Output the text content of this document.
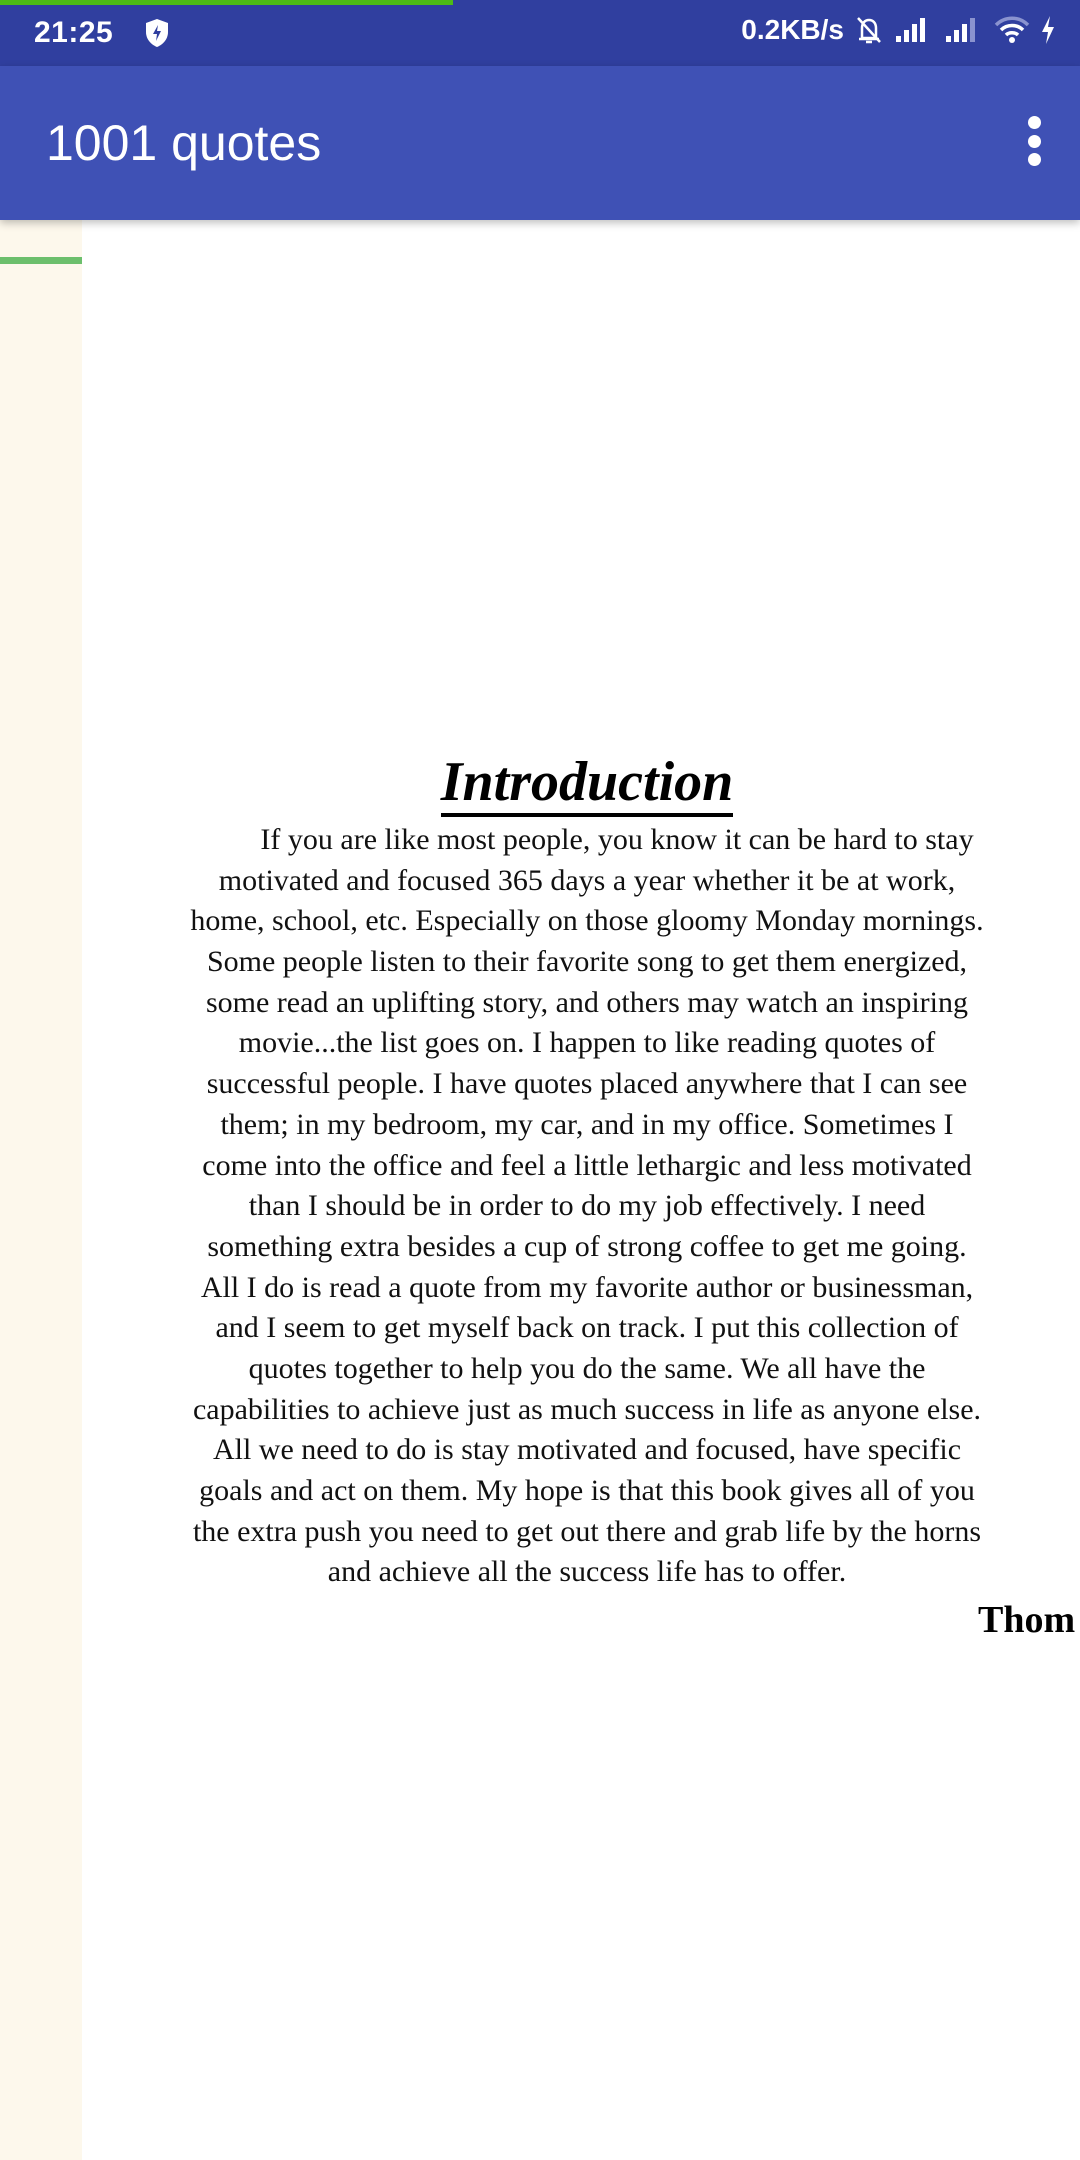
21:25	0.2KB/s
1001 quotes
Introduction
If you are like most people, you know it can be hard to stay
motivated and focused 365 days a year whether it be at work,
home, school, etc. Especially on those gloomy Monday mornings.
Some people listen to their favorite song to get them energized,
some read an uplifting story, and others may watch an inspiring
movie...the list goes on. I happen to like reading quotes of
successful people. I have quotes placed anywhere that I can see
them; in my bedroom, my car, and in my office. Sometimes I
come into the office and feel a little lethargic and less motivated
than I should be in order to do my job effectively. I need
something extra besides a cup of strong coffee to get me going.
All I do is read a quote from my favorite author or businessman,
and I seem to get myself back on track. I put this collection of
quotes together to help you do the same. We all have the
capabilities to achieve just as much success in life as anyone else.
All we need to do is stay motivated and focused, have specific
goals and act on them. My hope is that this book gives all of you
the extra push you need to get out there and grab life by the horns
and achieve all the success life has to offer.
Thom
